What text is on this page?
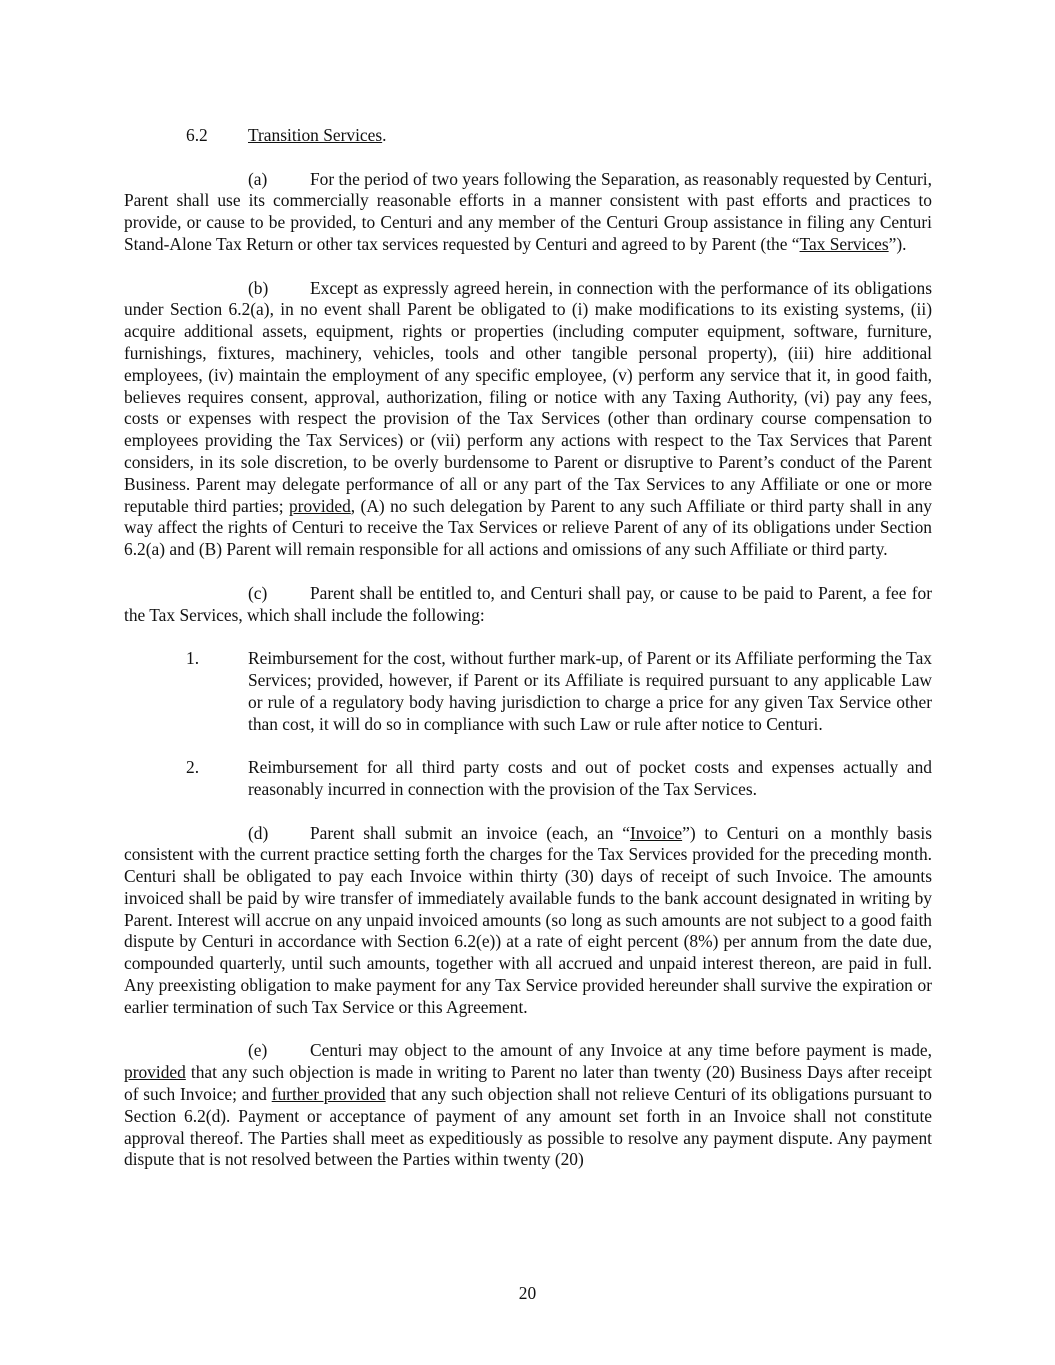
6.2 Transition Services.

(a) For the period of two years following the Separation, as reasonably requested by Centuri, Parent shall use its commercially reasonable efforts in a manner consistent with past efforts and practices to provide, or cause to be provided, to Centuri and any member of the Centuri Group assistance in filing any Centuri Stand-Alone Tax Return or other tax services requested by Centuri and agreed to by Parent (the “Tax Services”).

(b) Except as expressly agreed herein, in connection with the performance of its obligations under Section 6.2(a), in no event shall Parent be obligated to (i) make modifications to its existing systems, (ii) acquire additional assets, equipment, rights or properties (including computer equipment, software, furniture, furnishings, fixtures, machinery, vehicles, tools and other tangible personal property), (iii) hire additional employees, (iv) maintain the employment of any specific employee, (v) perform any service that it, in good faith, believes requires consent, approval, authorization, filing or notice with any Taxing Authority, (vi) pay any fees, costs or expenses with respect the provision of the Tax Services (other than ordinary course compensation to employees providing the Tax Services) or (vii) perform any actions with respect to the Tax Services that Parent considers, in its sole discretion, to be overly burdensome to Parent or disruptive to Parent’s conduct of the Parent Business. Parent may delegate performance of all or any part of the Tax Services to any Affiliate or one or more reputable third parties; provided, (A) no such delegation by Parent to any such Affiliate or third party shall in any way affect the rights of Centuri to receive the Tax Services or relieve Parent of any of its obligations under Section 6.2(a) and (B) Parent will remain responsible for all actions and omissions of any such Affiliate or third party.

(c) Parent shall be entitled to, and Centuri shall pay, or cause to be paid to Parent, a fee for the Tax Services, which shall include the following:

1.	Reimbursement for the cost, without further mark-up, of Parent or its Affiliate performing the Tax Services; provided, however, if Parent or its Affiliate is required pursuant to any applicable Law or rule of a regulatory body having jurisdiction to charge a price for any given Tax Service other than cost, it will do so in compliance with such Law or rule after notice to Centuri.

2.	Reimbursement for all third party costs and out of pocket costs and expenses actually and reasonably incurred in connection with the provision of the Tax Services.

(d) Parent shall submit an invoice (each, an “Invoice”) to Centuri on a monthly basis consistent with the current practice setting forth the charges for the Tax Services provided for the preceding month. Centuri shall be obligated to pay each Invoice within thirty (30) days of receipt of such Invoice. The amounts invoiced shall be paid by wire transfer of immediately available funds to the bank account designated in writing by Parent. Interest will accrue on any unpaid invoiced amounts (so long as such amounts are not subject to a good faith dispute by Centuri in accordance with Section 6.2(e)) at a rate of eight percent (8%) per annum from the date due, compounded quarterly, until such amounts, together with all accrued and unpaid interest thereon, are paid in full. Any preexisting obligation to make payment for any Tax Service provided hereunder shall survive the expiration or earlier termination of such Tax Service or this Agreement.

(e) Centuri may object to the amount of any Invoice at any time before payment is made, provided that any such objection is made in writing to Parent no later than twenty (20) Business Days after receipt of such Invoice; and further provided that any such objection shall not relieve Centuri of its obligations pursuant to Section 6.2(d). Payment or acceptance of payment of any amount set forth in an Invoice shall not constitute approval thereof. The Parties shall meet as expeditiously as possible to resolve any payment dispute. Any payment dispute that is not resolved between the Parties within twenty (20)

20
